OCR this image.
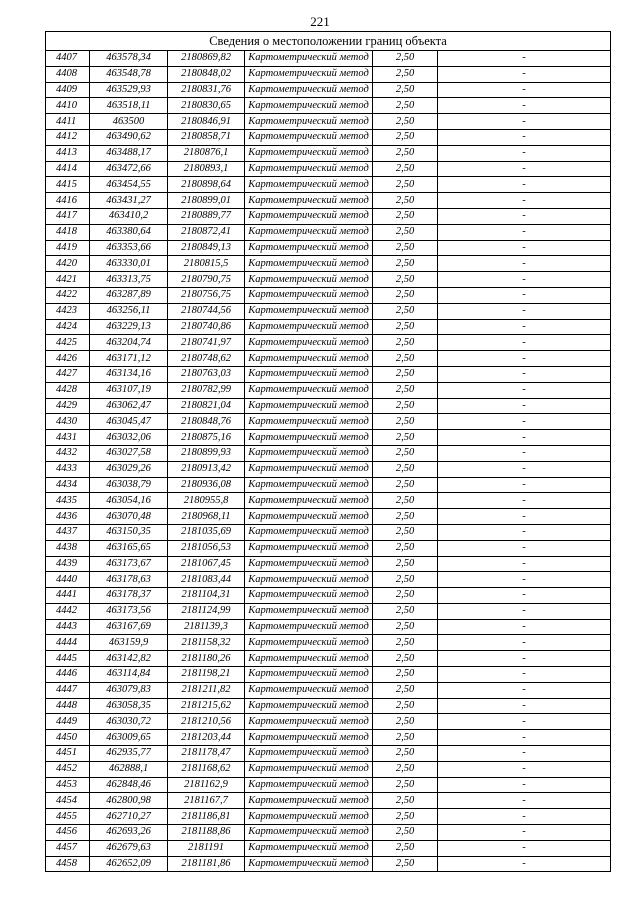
221
Сведения о местоположении границ объекта					
4407	463578,34	2180869,82	Картометрический метод	2,50	-
4408	463548,78	2180848,02	Картометрический метод	2,50	-
4409	463529,93	2180831,76	Картометрический метод	2,50	-
4410	463518,11	2180830,65	Картометрический метод	2,50	-
4411	463500	2180846,91	Картометрический метод	2,50	-
4412	463490,62	2180858,71	Картометрический метод	2,50	-
4413	463488,17	2180876,1	Картометрический метод	2,50	-
4414	463472,66	2180893,1	Картометрический метод	2,50	-
4415	463454,55	2180898,64	Картометрический метод	2,50	-
4416	463431,27	2180899,01	Картометрический метод	2,50	-
4417	463410,2	2180889,77	Картометрический метод	2,50	-
4418	463380,64	2180872,41	Картометрический метод	2,50	-
4419	463353,66	2180849,13	Картометрический метод	2,50	-
4420	463330,01	2180815,5	Картометрический метод	2,50	-
4421	463313,75	2180790,75	Картометрический метод	2,50	-
4422	463287,89	2180756,75	Картометрический метод	2,50	-
4423	463256,11	2180744,56	Картометрический метод	2,50	-
4424	463229,13	2180740,86	Картометрический метод	2,50	-
4425	463204,74	2180741,97	Картометрический метод	2,50	-
4426	463171,12	2180748,62	Картометрический метод	2,50	-
4427	463134,16	2180763,03	Картометрический метод	2,50	-
4428	463107,19	2180782,99	Картометрический метод	2,50	-
4429	463062,47	2180821,04	Картометрический метод	2,50	-
4430	463045,47	2180848,76	Картометрический метод	2,50	-
4431	463032,06	2180875,16	Картометрический метод	2,50	-
4432	463027,58	2180899,93	Картометрический метод	2,50	-
4433	463029,26	2180913,42	Картометрический метод	2,50	-
4434	463038,79	2180936,08	Картометрический метод	2,50	-
4435	463054,16	2180955,8	Картометрический метод	2,50	-
4436	463070,48	2180968,11	Картометрический метод	2,50	-
4437	463150,35	2181035,69	Картометрический метод	2,50	-
4438	463165,65	2181056,53	Картометрический метод	2,50	-
4439	463173,67	2181067,45	Картометрический метод	2,50	-
4440	463178,63	2181083,44	Картометрический метод	2,50	-
4441	463178,37	2181104,31	Картометрический метод	2,50	-
4442	463173,56	2181124,99	Картометрический метод	2,50	-
4443	463167,69	2181139,3	Картометрический метод	2,50	-
4444	463159,9	2181158,32	Картометрический метод	2,50	-
4445	463142,82	2181180,26	Картометрический метод	2,50	-
4446	463114,84	2181198,21	Картометрический метод	2,50	-
4447	463079,83	2181211,82	Картометрический метод	2,50	-
4448	463058,35	2181215,62	Картометрический метод	2,50	-
4449	463030,72	2181210,56	Картометрический метод	2,50	-
4450	463009,65	2181203,44	Картометрический метод	2,50	-
4451	462935,77	2181178,47	Картометрический метод	2,50	-
4452	462888,1	2181168,62	Картометрический метод	2,50	-
4453	462848,46	2181162,9	Картометрический метод	2,50	-
4454	462800,98	2181167,7	Картометрический метод	2,50	-
4455	462710,27	2181186,81	Картометрический метод	2,50	-
4456	462693,26	2181188,86	Картометрический метод	2,50	-
4457	462679,63	2181191	Картометрический метод	2,50	-
4458	462652,09	2181181,86	Картометрический метод	2,50	-
